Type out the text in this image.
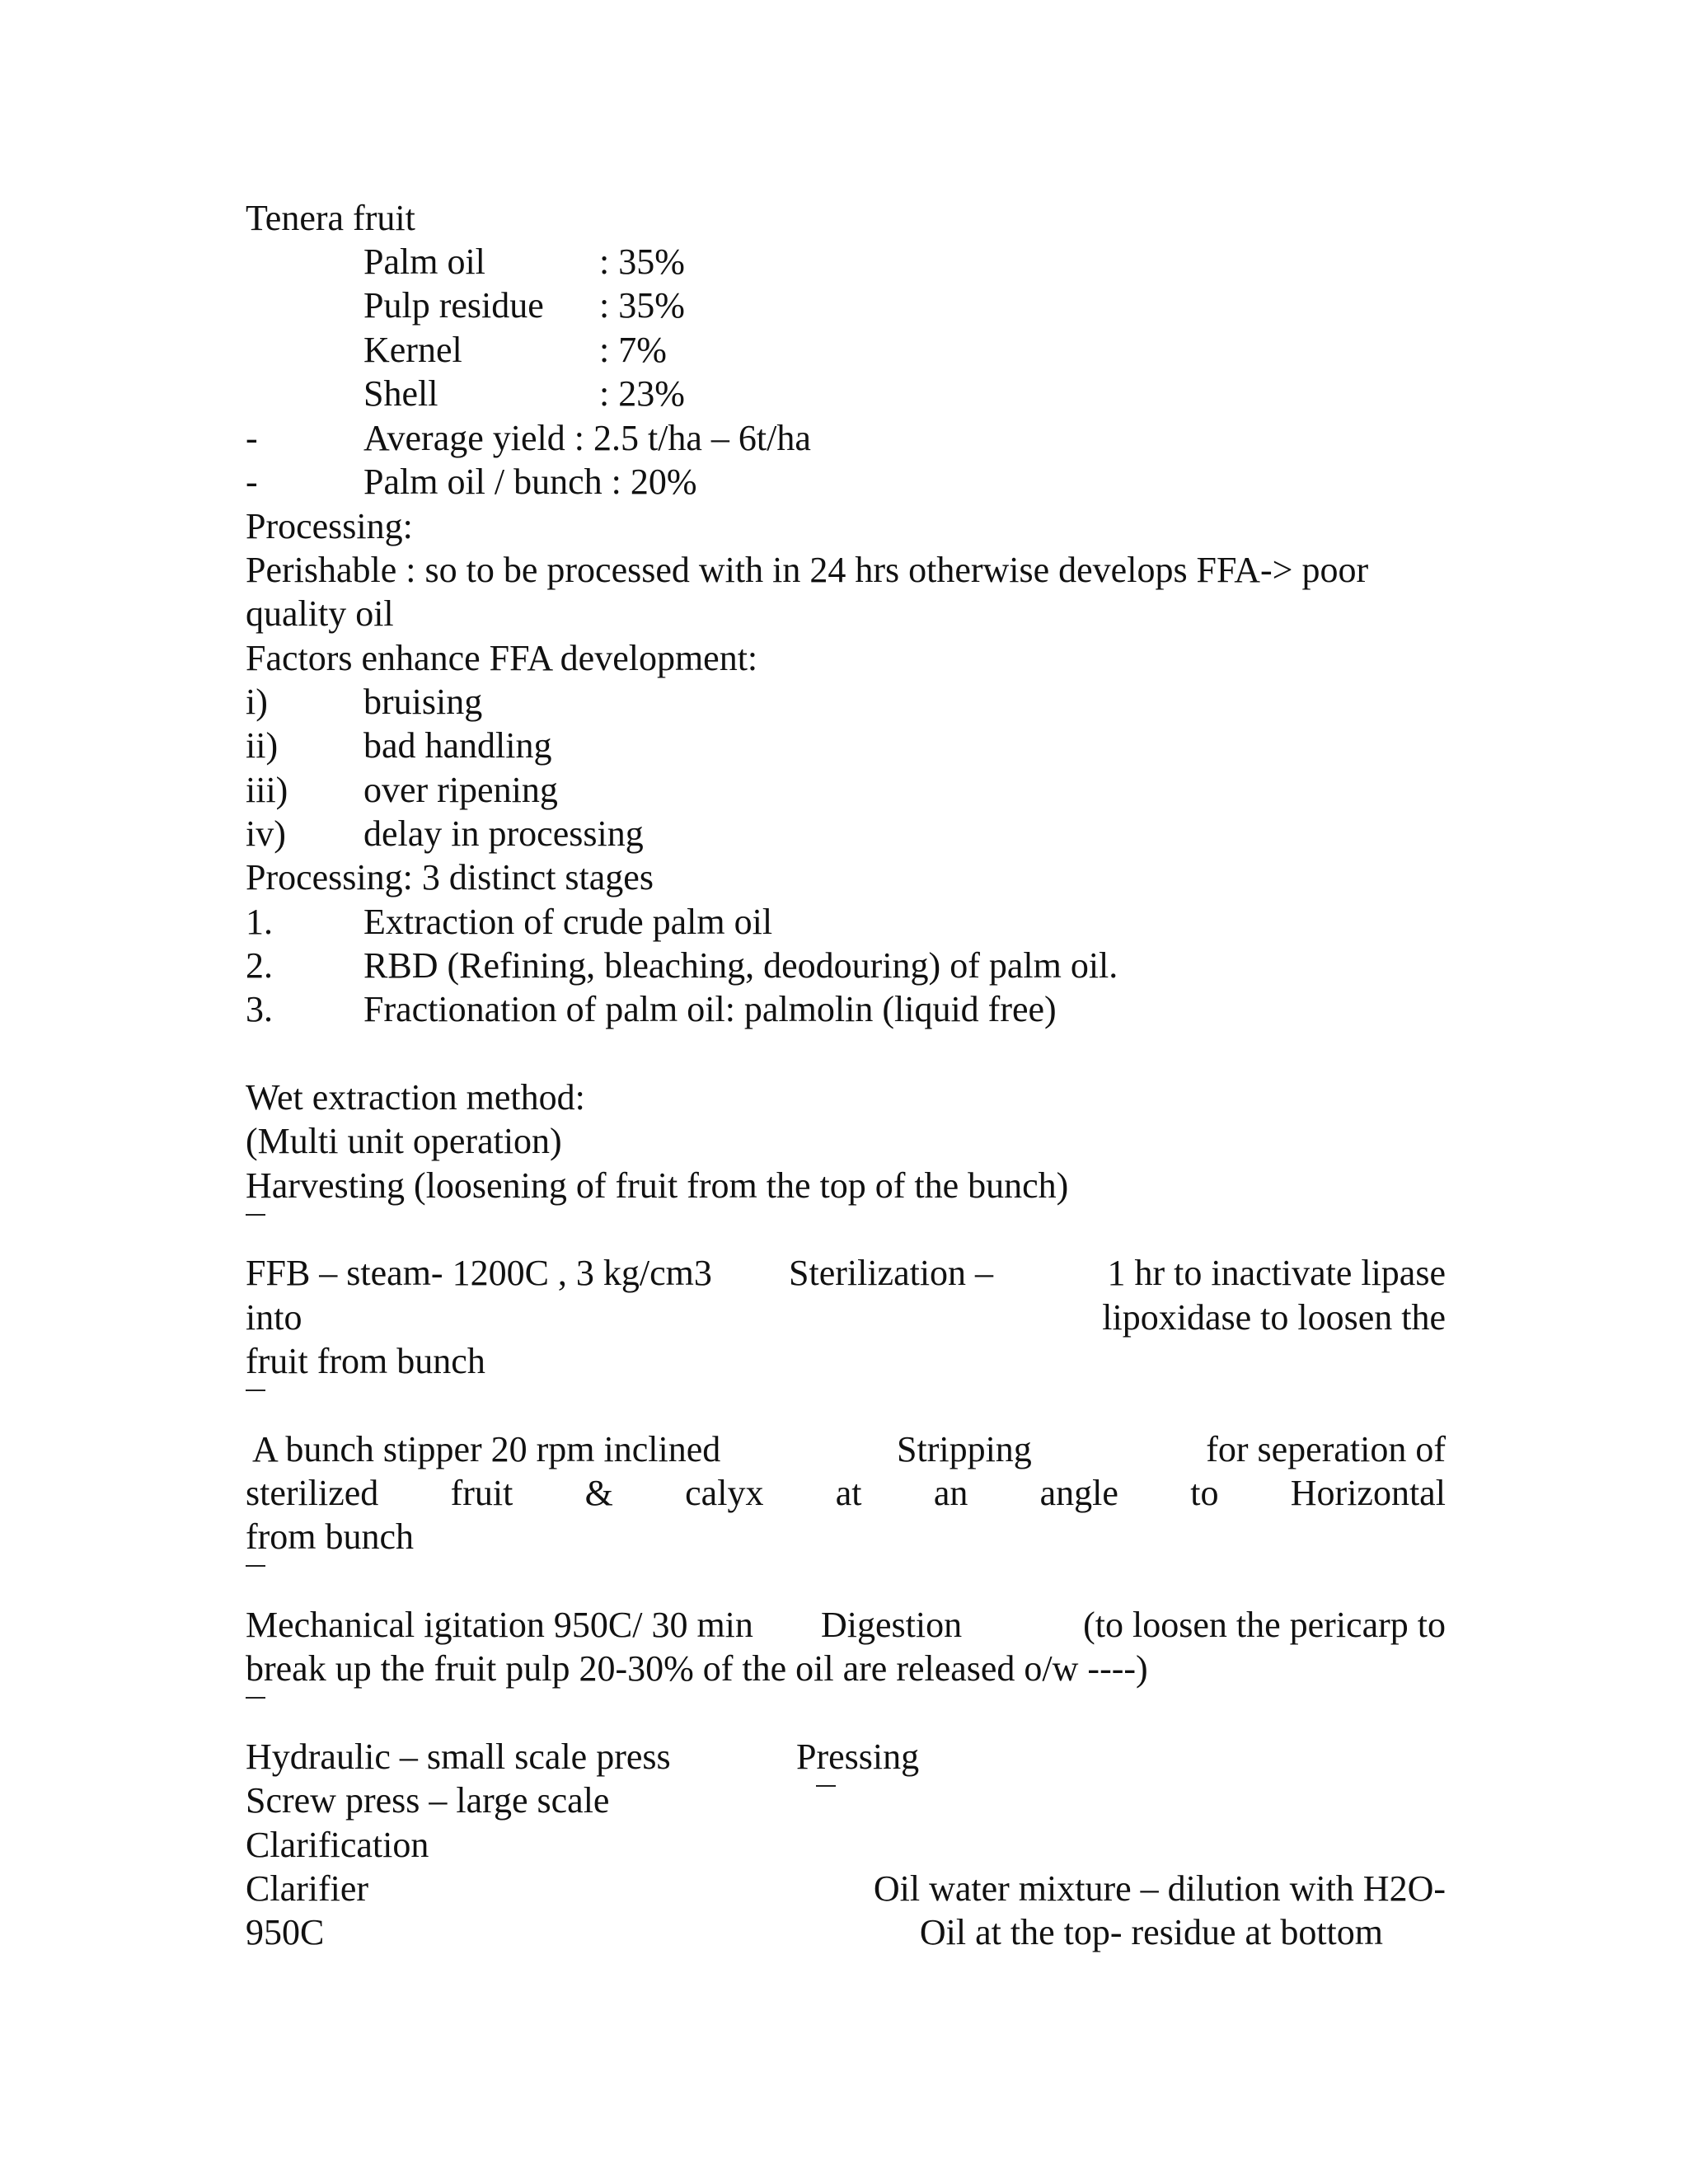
Tenera fruit
Palm oil	: 35%
Pulp residue : 35%
Kernel	: 7%
Shell	: 23%
-	Average yield : 2.5 t/ha – 6t/ha
-	Palm oil / bunch : 20%
Processing:
Perishable : so to be processed with in 24 hrs otherwise develops FFA-> poor
quality oil
Factors enhance FFA development:
i)	bruising
ii) bad handling
iii) over ripening
iv) delay in processing
Processing: 3 distinct stages
1.	Extraction of crude palm oil
2.	RBD (Refining, bleaching, deodouring) of palm oil.
3.	Fractionation of palm oil: palmolin (liquid free)
Wet extraction method:
(Multi unit operation)
Harvesting (loosening of fruit from the top of the bunch)
FFB – steam- 1200C , 3 kg/cm3 Sterilization –	1 hr to inactivate lipase
into	lipoxidase to loosen the
fruit from bunch
A bunch stipper 20 rpm inclined	Stripping	for seperation of
sterilized fruit & calyx at an angle to Horizontal
from bunch
Mechanical igitation 950C/ 30 min Digestion	(to loosen the pericarp to
break up the fruit pulp 20-30% of the oil are released o/w ----)
Hydraulic – small scale press	Pressing
Screw press – large scale
Clarification
Clarifier	Oil water mixture – dilution with H2O-
950C	Oil at the top- residue at bottom
